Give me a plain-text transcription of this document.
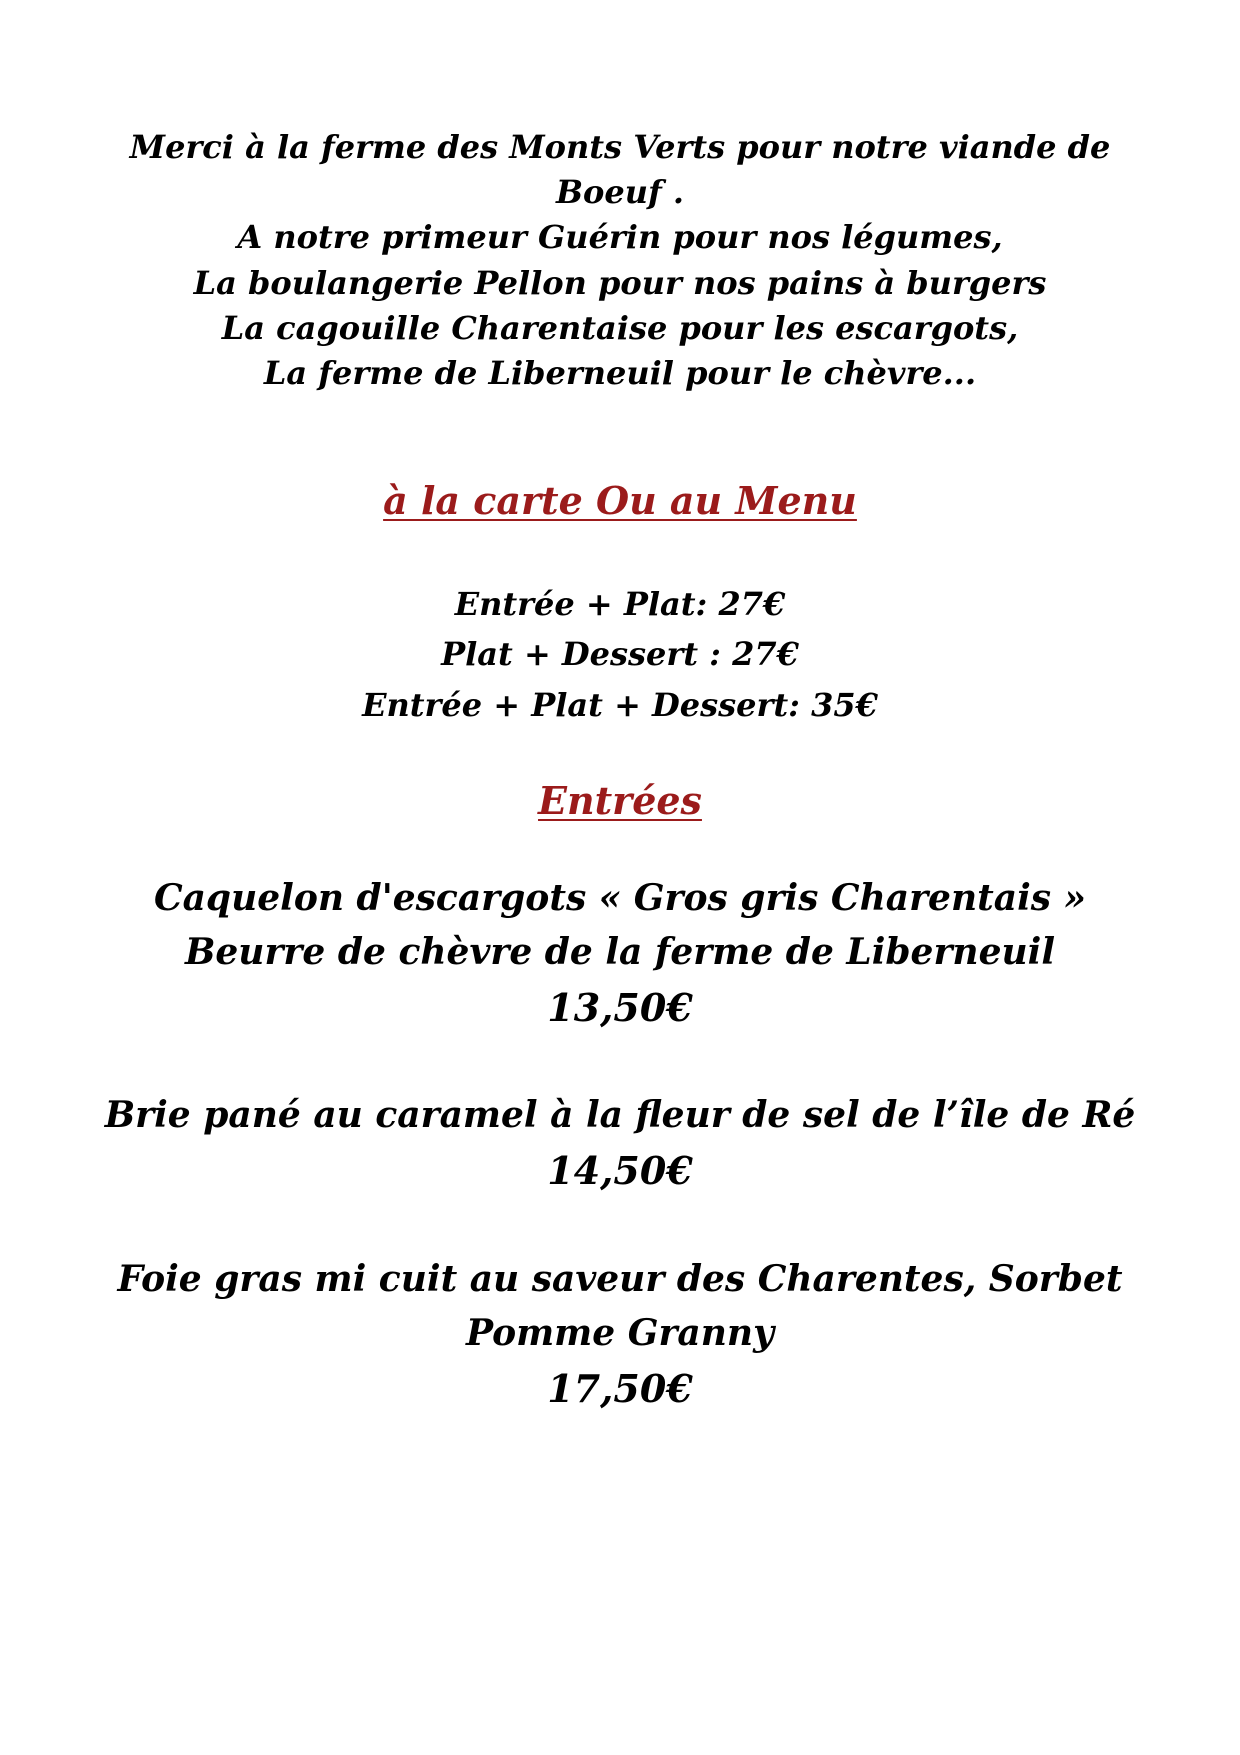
Merci à la ferme des Monts Verts pour notre viande de

Boeuf .

A notre primeur Guérin pour nos légumes,

La boulangerie Pellon pour nos pains à burgers

La cagouille Charentaise pour les escargots,

La ferme de Liberneuil pour le chèvre...

à la carte Ou au Menu

Entrée + Plat: 27€

Plat + Dessert : 27€

Entrée + Plat + Dessert: 35€

Entrées

Caquelon d'escargots « Gros gris Charentais »

Beurre de chèvre de la ferme de Liberneuil

13,50€

Brie pané au caramel à la fleur de sel de l’île de Ré

14,50€

Foie gras mi cuit au saveur des Charentes, Sorbet

Pomme Granny

17,50€
